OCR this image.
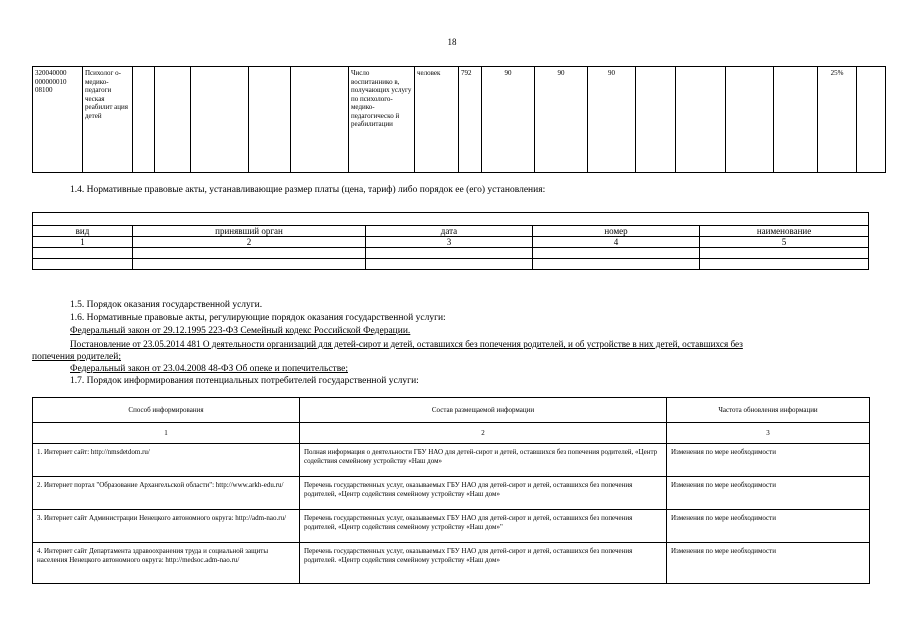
18
320040000 000000010 08100	Психолог о- медико- педагоги ческая реабилит ация детей						Число воспитаннико в, получающих услугу по психолого- медико- педагогическо й реабилитации	человек	792	90	90	90					25%	
1.4. Нормативные правовые акты, устанавливающие размер платы (цена, тариф) либо порядок ее (его) установления:

вид	принявший орган	дата	номер	наименование
1	2	3	4	5

1.5. Порядок оказания государственной услуги.
1.6. Нормативные правовые акты, регулирующие порядок оказания государственной услуги:
Федеральный закон от 29.12.1995 223-ФЗ Семейный кодекс Российской Федерации.
Постановление от 23.05.2014 481 О деятельности организаций для детей-сирот и детей, оставшихся без попечения родителей, и об устройстве в них детей, оставшихся без
попечения родителей;
Федеральный закон от 23.04.2008 48-ФЗ Об опеке и попечительстве;
1.7. Порядок информирования потенциальных потребителей государственной услуги:
Способ информирования	Состав размещаемой информации	Частота обновления информации
1	2	3
1. Интернет сайт: http://nmsdetdom.ru/	Полная информация о деятельности ГБУ НАО для детей-сирот и детей, оставшихся без попечения родителей, «Центр содействия семейному устройству «Наш дом»	Изменения по мере необходимости
2. Интернет портал "Образование Архангельской области": http://www.arkh-edu.ru/	Перечень государственных услуг, оказываемых ГБУ НАО для детей-сирот и детей, оставшихся без попечения родителей, «Центр содействия семейному устройству «Наш дом»	Изменения по мере необходимости
3. Интернет сайт Администрации Ненецкого автономного округа: http://adm-nao.ru/	Перечень государственных услуг, оказываемых ГБУ НАО для детей-сирот и детей, оставшихся без попечения родителей, «Центр содействия семейному устройству «Наш дом»"	Изменения по мере необходимости
4. Интернет сайт Департамента здравоохранения труда и социальной защиты населения Ненецкого автономного округа: http://medsoc.adm-nao.ru/	Перечень государственных услуг, оказываемых ГБУ НАО для детей-сирот и детей, оставшихся без попечения родителей. «Центр содействия семейному устройству «Наш дом»	Изменения по мере необходимости
